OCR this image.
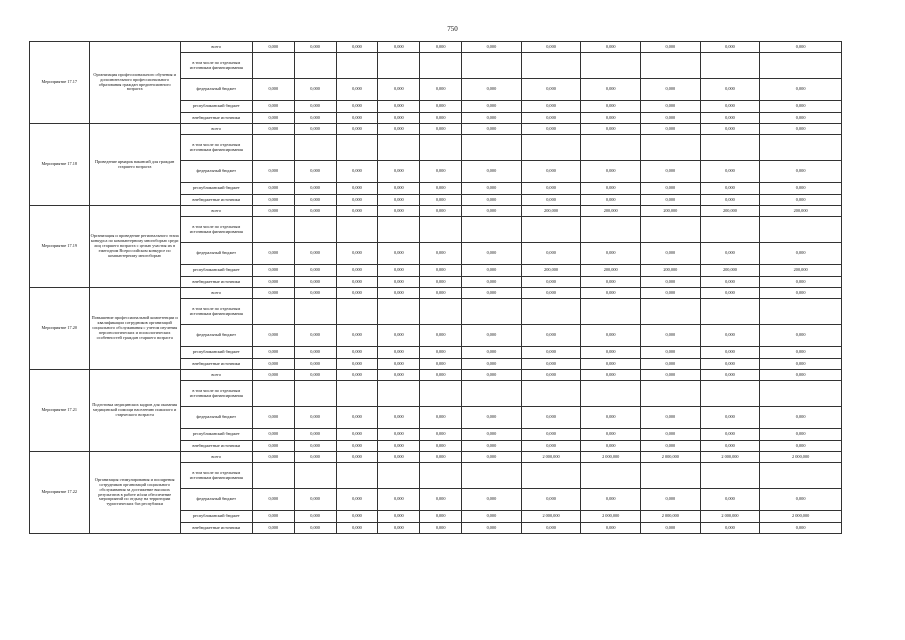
750
Мероприятие 17.17	Организация профессионального обучения и дополнительного профессионального образования граждан предпенсионного возраста	всего	0,000	0,000	0,000	0,000	0,000	0,000	0,000	0,000	0,000	0,000	0,000
		в том числе по отдельным источникам финансирования											
		федеральный бюджет	0,000	0,000	0,000	0,000	0,000	0,000	0,000	0,000	0,000	0,000	0,000
		республиканский бюджет	0,000	0,000	0,000	0,000	0,000	0,000	0,000	0,000	0,000	0,000	0,000
		внебюджетные источники	0,000	0,000	0,000	0,000	0,000	0,000	0,000	0,000	0,000	0,000	0,000
Мероприятие 17.18	Проведение ярмарок вакансий для граждан старшего возраста	всего	0,000	0,000	0,000	0,000	0,000	0,000	0,000	0,000	0,000	0,000	0,000
		в том числе по отдельным источникам финансирования											
		федеральный бюджет	0,000	0,000	0,000	0,000	0,000	0,000	0,000	0,000	0,000	0,000	0,000
		республиканский бюджет	0,000	0,000	0,000	0,000	0,000	0,000	0,000	0,000	0,000	0,000	0,000
		внебюджетные источники	0,000	0,000	0,000	0,000	0,000	0,000	0,000	0,000	0,000	0,000	0,000
Мероприятие 17.19	Организация и проведение регионального этапа конкурса по компьютерному многоборью среди лиц старшего возраста с целью участия их в ежегодном Всероссийском конкурсе по компьютерному многоборью	всего	0,000	0,000	0,000	0,000	0,000	0,000	200,000	200,000	200,000	200,000	200,000
		в том числе по отдельным источникам финансирования											
		федеральный бюджет	0,000	0,000	0,000	0,000	0,000	0,000	0,000	0,000	0,000	0,000	0,000
		республиканский бюджет	0,000	0,000	0,000	0,000	0,000	0,000	200,000	200,000	200,000	200,000	200,000
		внебюджетные источники	0,000	0,000	0,000	0,000	0,000	0,000	0,000	0,000	0,000	0,000	0,000
Мероприятие 17.20	Повышение профессиональной компетенции и квалификации сотрудников организаций социального обслуживания с учетом изучения персонологических и психологических особенностей граждан старшего возраста	всего	0,000	0,000	0,000	0,000	0,000	0,000	0,000	0,000	0,000	0,000	0,000
		в том числе по отдельным источникам финансирования											
		федеральный бюджет	0,000	0,000	0,000	0,000	0,000	0,000	0,000	0,000	0,000	0,000	0,000
		республиканский бюджет	0,000	0,000	0,000	0,000	0,000	0,000	0,000	0,000	0,000	0,000	0,000
		внебюджетные источники	0,000	0,000	0,000	0,000	0,000	0,000	0,000	0,000	0,000	0,000	0,000
Мероприятие 17.21	Подготовка медицинских кадров для оказания медицинской помощи населению пожилого и старческого возраста	всего	0,000	0,000	0,000	0,000	0,000	0,000	0,000	0,000	0,000	0,000	0,000
		в том числе по отдельным источникам финансирования											
		федеральный бюджет	0,000	0,000	0,000	0,000	0,000	0,000	0,000	0,000	0,000	0,000	0,000
		республиканский бюджет	0,000	0,000	0,000	0,000	0,000	0,000	0,000	0,000	0,000	0,000	0,000
		внебюджетные источники	0,000	0,000	0,000	0,000	0,000	0,000	0,000	0,000	0,000	0,000	0,000
Мероприятие 17.22	Организация стимулирования и поощрения сотрудников организаций социального обслуживания за достижение высоких результатов в работе и/или обеспечение мероприятий по отдыху на территории туристических баз республики	всего	0,000	0,000	0,000	0,000	0,000	0,000	2 000,000	2 000,000	2 000,000	2 000,000	2 000,000
		в том числе по отдельным источникам финансирования											
		федеральный бюджет	0,000	0,000	0,000	0,000	0,000	0,000	0,000	0,000	0,000	0,000	0,000
		республиканский бюджет	0,000	0,000	0,000	0,000	0,000	0,000	2 000,000	2 000,000	2 000,000	2 000,000	2 000,000
		внебюджетные источники	0,000	0,000	0,000	0,000	0,000	0,000	0,000	0,000	0,000	0,000	0,000
